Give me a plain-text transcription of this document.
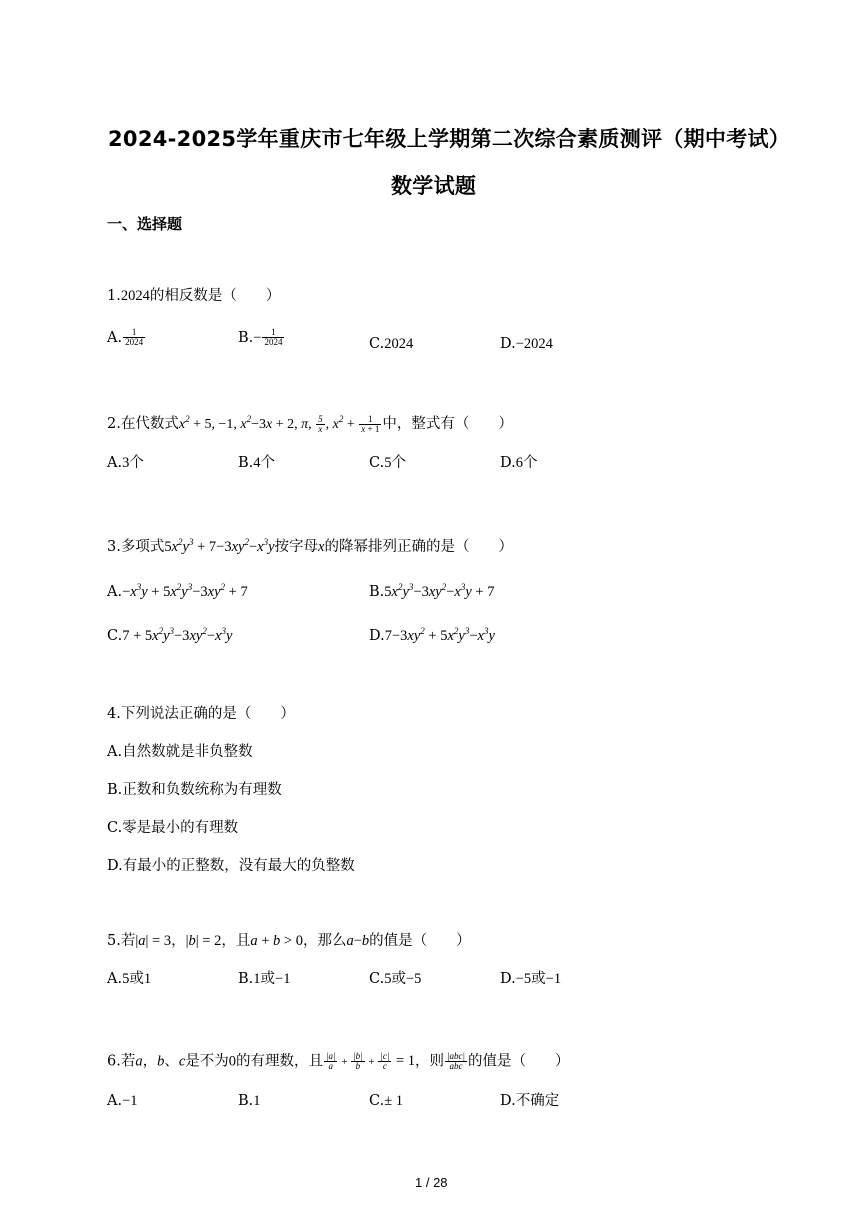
2024-2025学年重庆市七年级上学期第二次综合素质测评（期中考试）
数学试题
一、选择题
1.2024的相反数是（　　）
A. $\frac{1}{2024}$	$B.- \frac{1}{2024}$	C.2024	D.−2024
2.在代数式$x^2 + 5$, −1, $x^2-3x + 2$, π, $\frac{5}{x}$ , $x^2 + \frac{1}{x + 1}$ 中，整式有（　　）
A.3个	B.4个	C.5个	D.6个
3.多项式$5x^2y^3 + 7-3xy^2-x^3y$按字母x的降幂排列正确的是（　　）
$A.-x^3y + 5x^2y^3-3xy^2 + 7$	$B.5x^2y^3-3xy^2-x^3y + 7$
$C.7 + 5x^2y^3-3xy^2-x^3y$	$D.7-3xy^2 + 5x^2y^3-x^3y$
4.下列说法正确的是（　　）
A.自然数就是非负整数
B.正数和负数统称为有理数
C.零是最小的有理数
D.有最小的正整数，没有最大的负整数
5.若|a| = 3，|b| = 2，且a + b > 0，那么a−b的值是（　　）
A.5或1	B.1或−1	C.5或−5	D.−5或−1
6.若a，b、c是不为0的有理数，且 $\frac{|a|}{a} + \frac{|b|}{b} + \frac{|c|}{c} = 1$，则 $\frac{\text{|abc|}}{\text{abc}}$ 的值是（　　）
A.−1	B.1	C.± 1	D.不确定
1 / 28
